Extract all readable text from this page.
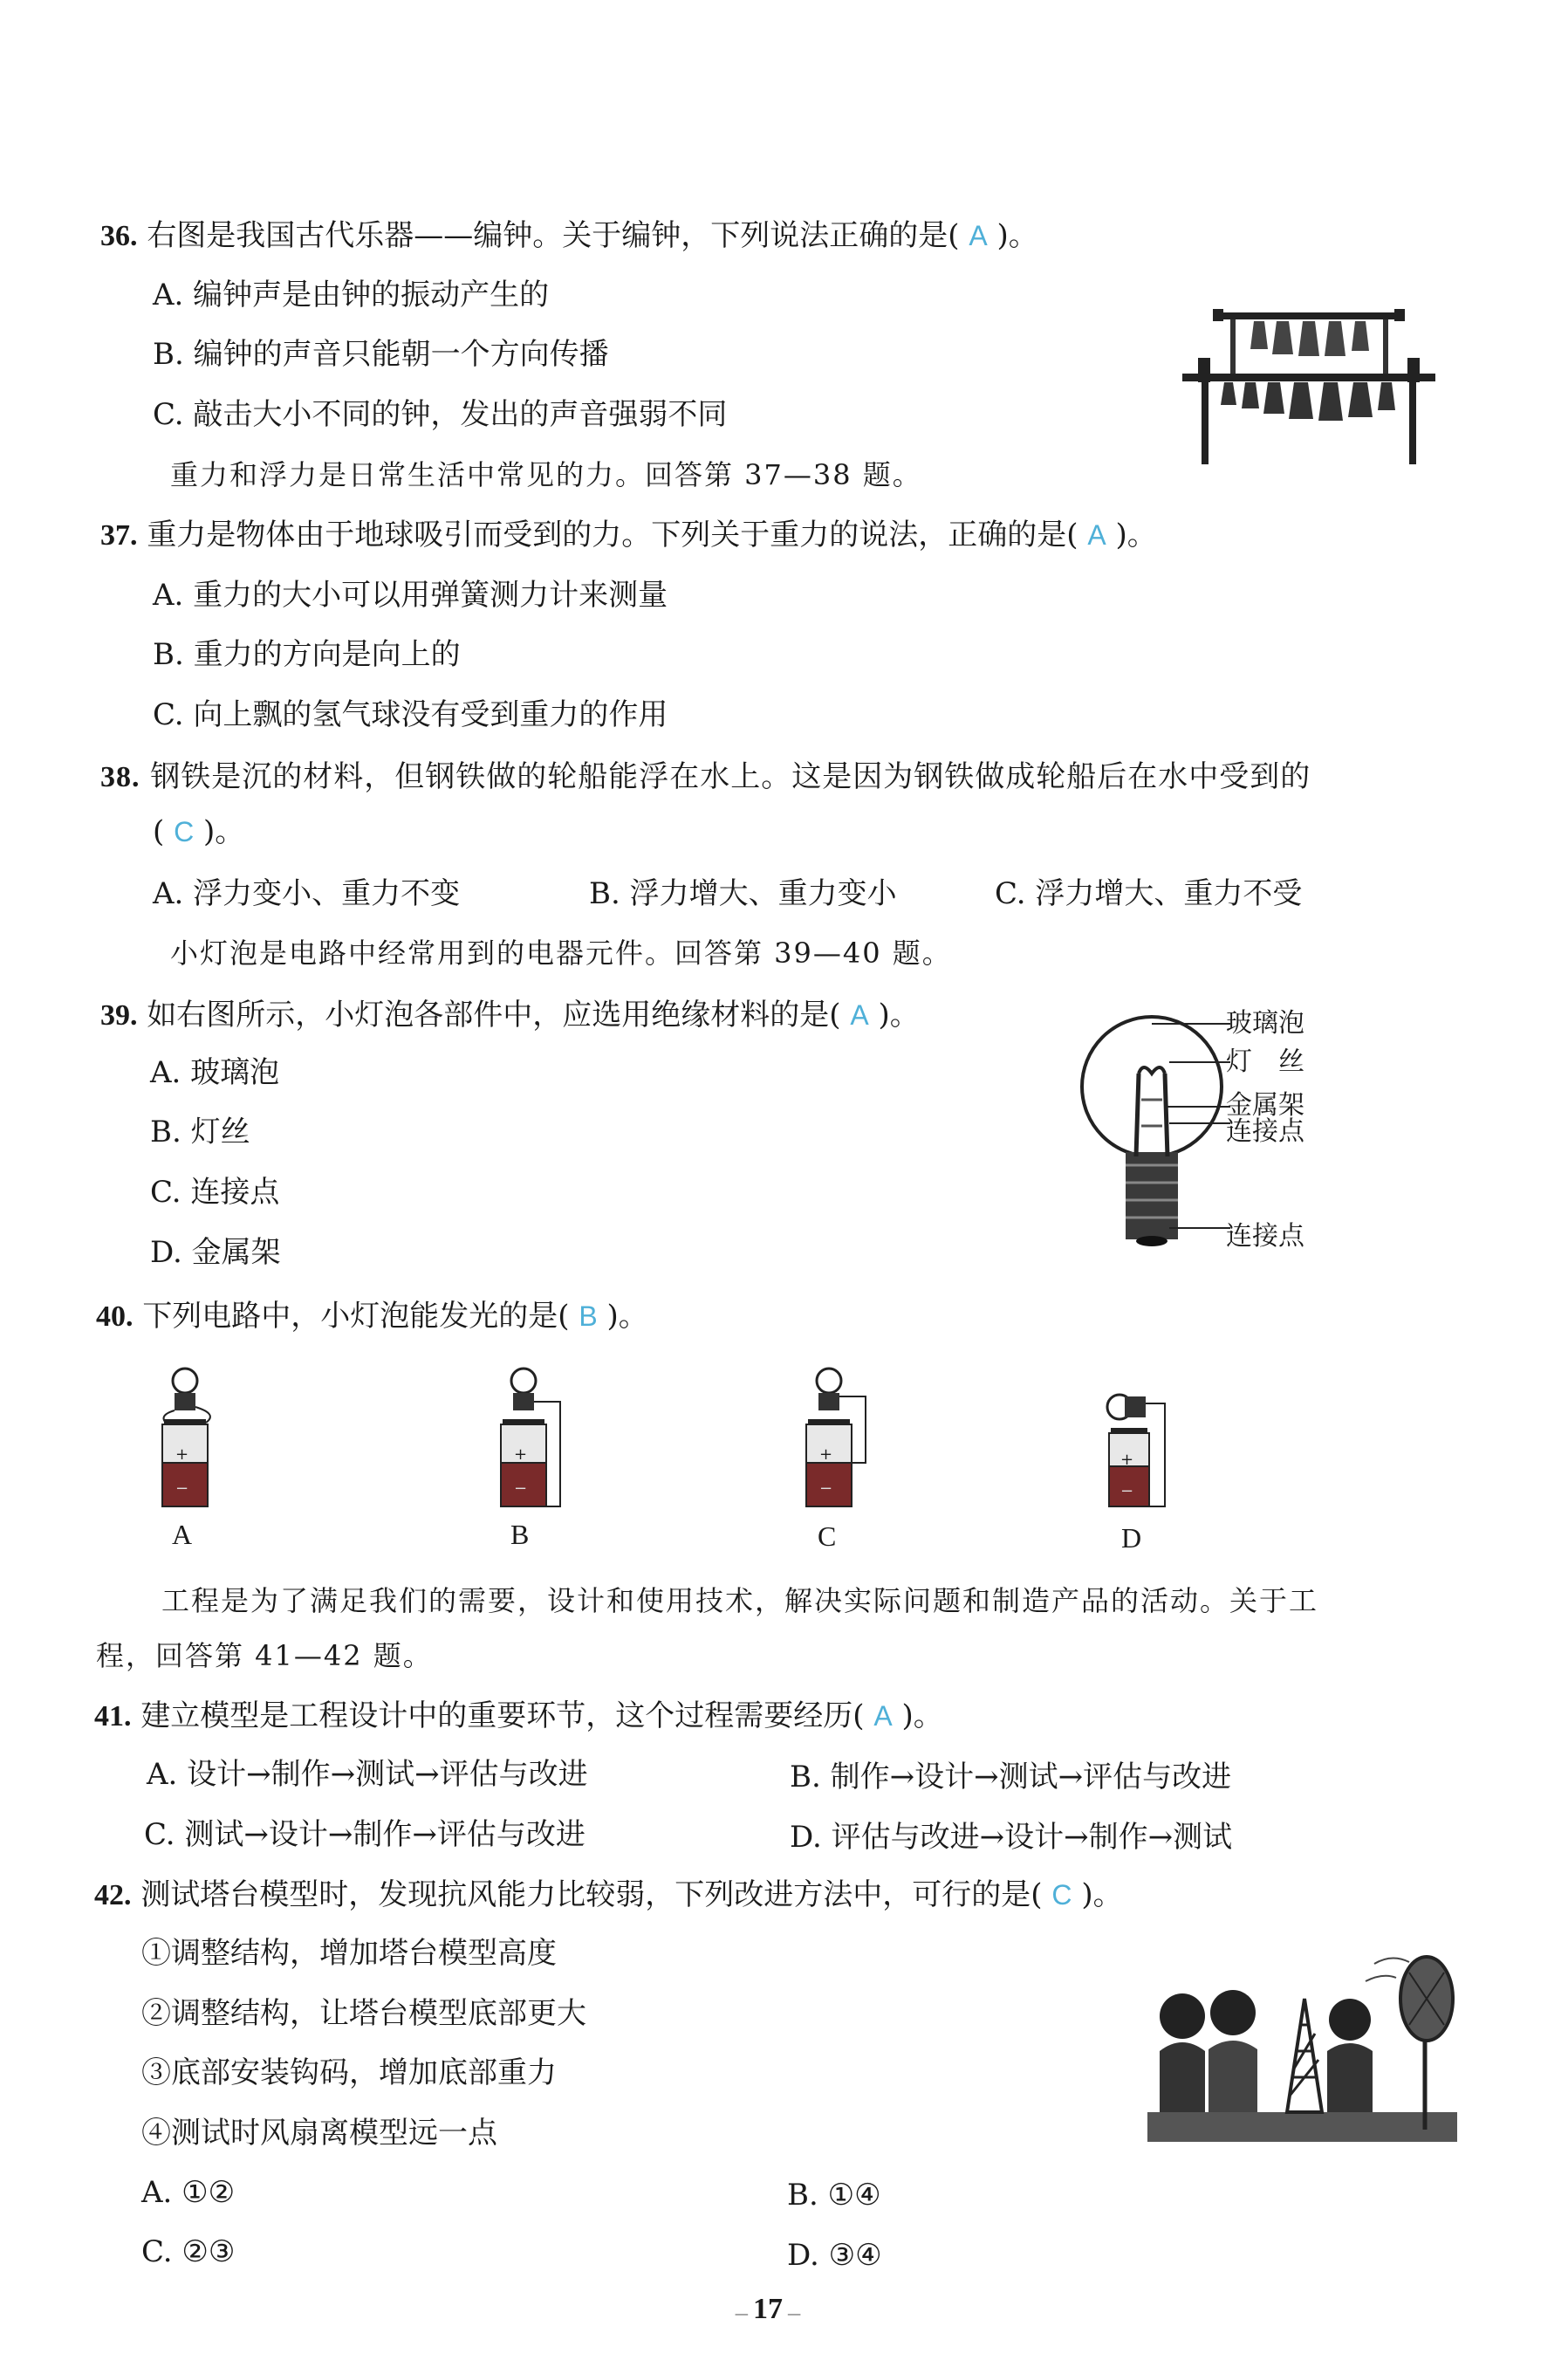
36. 右图是我国古代乐器——编钟。关于编钟，下列说法正确的是( A )。
A. 编钟声是由钟的振动产生的
B. 编钟的声音只能朝一个方向传播
C. 敲击大小不同的钟，发出的声音强弱不同
重力和浮力是日常生活中常见的力。回答第 37—38 题。
37. 重力是物体由于地球吸引而受到的力。下列关于重力的说法，正确的是( A )。
A. 重力的大小可以用弹簧测力计来测量
B. 重力的方向是向上的
C. 向上飘的氢气球没有受到重力的作用
38. 钢铁是沉的材料，但钢铁做的轮船能浮在水上。这是因为钢铁做成轮船后在水中受到的
( C )。
A. 浮力变小、重力不变	B. 浮力增大、重力变小	C. 浮力增大、重力不受
小灯泡是电路中经常用到的电器元件。回答第 39—40 题。
39. 如右图所示，小灯泡各部件中，应选用绝缘材料的是( A )。
A. 玻璃泡
B. 灯丝
C. 连接点
D. 金属架
玻璃泡
灯　丝
金属架
连接点
连接点
40. 下列电路中，小灯泡能发光的是( B )。
+
−
A
+
−
B
+
−
C
+
−
D
工程是为了满足我们的需要，设计和使用技术，解决实际问题和制造产品的活动。关于工
程，回答第 41—42 题。
41. 建立模型是工程设计中的重要环节，这个过程需要经历( A )。
A. 设计→制作→测试→评估与改进	B. 制作→设计→测试→评估与改进
C. 测试→设计→制作→评估与改进	D. 评估与改进→设计→制作→测试
42. 测试塔台模型时，发现抗风能力比较弱，下列改进方法中，可行的是( C )。
①调整结构，增加塔台模型高度
②调整结构，让塔台模型底部更大
③底部安装钩码，增加底部重力
④测试时风扇离模型远一点
A. ①②	B. ①④
C. ②③	D. ③④
— 17 —
